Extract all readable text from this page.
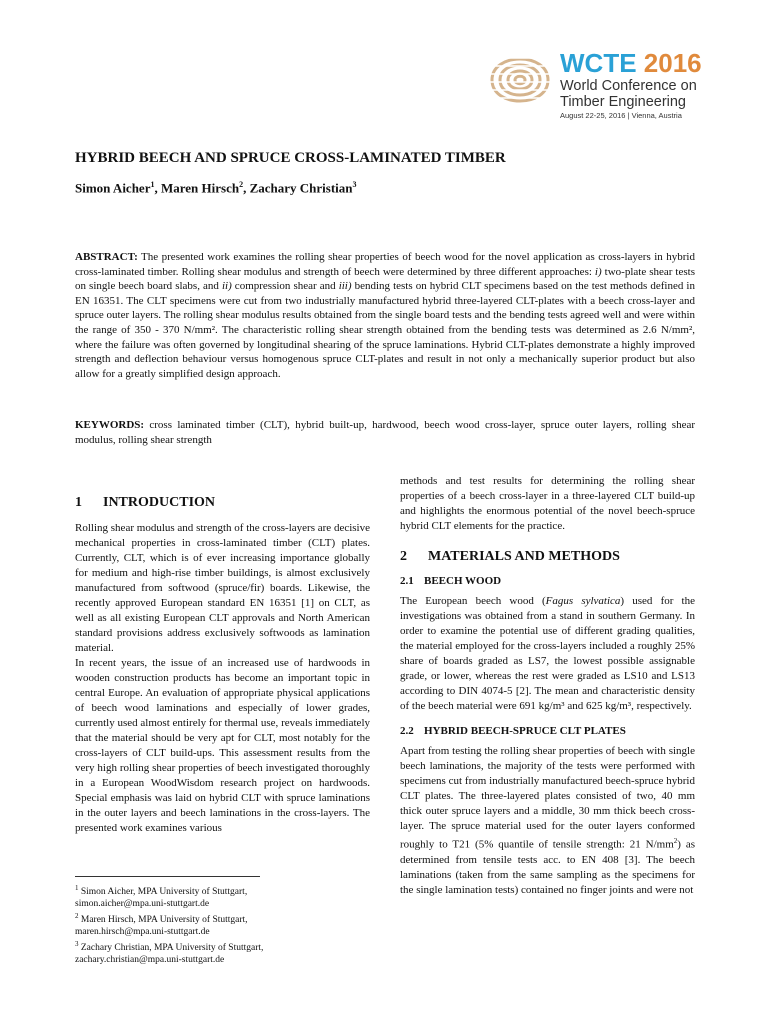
WCTE 2016
World Conference on
Timber Engineering
August 22-25, 2016 | Vienna, Austria
HYBRID BEECH AND SPRUCE CROSS-LAMINATED TIMBER
Simon Aicher$^1$, Maren Hirsch$^2$, Zachary Christian$^3$
ABSTRACT: The presented work examines the rolling shear properties of beech wood for the novel application as cross-layers in hybrid cross-laminated timber. Rolling shear modulus and strength of beech were determined by three different approaches: i) two-plate shear tests on single beech board slabs, and ii) compression shear and iii) bending tests on hybrid CLT specimens based on the test methods defined in EN 16351. The CLT specimens were cut from two industrially manufactured hybrid three-layered CLT-plates with a beech cross-layer and spruce outer layers. The rolling shear modulus results obtained from the single board tests and the bending tests agreed well and were within the range of 350 - 370 N/mm². The characteristic rolling shear strength obtained from the bending tests was determined as 2.6 N/mm², where the failure was often governed by longitudinal shearing of the spruce laminations. Hybrid CLT-plates demonstrate a highly improved strength and deflection behaviour versus homogenous spruce CLT-plates and result in not only a mechanically superior product but also allow for a greatly simplified design approach.
KEYWORDS: cross laminated timber (CLT), hybrid built-up, hardwood, beech wood cross-layer, spruce outer layers, rolling shear modulus, rolling shear strength
1 INTRODUCTION

Rolling shear modulus and strength of the cross-layers are decisive mechanical properties in cross-laminated timber (CLT) plates. Currently, CLT, which is of ever increasing importance globally for medium and high-rise timber buildings, is almost exclusively manufactured from softwood (spruce/fir) boards. Likewise, the recently approved European standard EN 16351 [1] on CLT, as well as all existing European CLT approvals and North American standard provisions address exclusively softwoods as lamination material.

In recent years, the issue of an increased use of hardwoods in wooden construction products has become an important topic in central Europe. An evaluation of appropriate physical applications of beech wood laminations and especially of lower grades, currently used almost entirely for thermal use, reveals immediately that the material should be very apt for CLT, most notably for the cross-layers of CLT build-ups. This assessment results from the very high rolling shear properties of beech investigated thoroughly in a European WoodWisdom research project on hardwoods. Special emphasis was laid on hybrid CLT with spruce laminations in the outer layers and beech laminations in the cross-layers. The presented work examines various

methods and test results for determining the rolling shear properties of a beech cross-layer in a three-layered CLT build-up and highlights the enormous potential of the novel beech-spruce hybrid CLT elements for the practice.

2 MATERIALS AND METHODS
2.1 BEECH WOOD

The European beech wood (Fagus sylvatica) used for the investigations was obtained from a stand in southern Germany. In order to examine the potential use of different grading qualities, the material employed for the cross-layers included a roughly 25% share of boards graded as LS7, the lowest possible assignable grade, or lower, whereas the rest were graded as LS10 and LS13 according to DIN 4074-5 [2]. The mean and characteristic density of the beech material were 691 kg/m³ and 625 kg/m³, respectively.

2.2 HYBRID BEECH-SPRUCE CLT PLATES

Apart from testing the rolling shear properties of beech with single beech laminations, the majority of the tests were performed with specimens cut from industrially manufactured beech-spruce hybrid CLT plates. The three-layered plates consisted of two, 40 mm thick outer spruce layers and a middle, 30 mm thick beech cross-layer. The spruce material used for the outer layers conformed roughly to T21 (5% quantile of tensile strength: 21 $N/mm^2$) as determined from tensile tests acc. to EN 408 [3]. The beech laminations (taken from the same sampling as the specimens for the single lamination tests) contained no finger joints and were not

$^1$ Simon Aicher, MPA University of Stuttgart,
simon.aicher@mpa.uni-stuttgart.de
$^2$ Maren Hirsch, MPA University of Stuttgart,
maren.hirsch@mpa.uni-stuttgart.de
$^3$ Zachary Christian, MPA University of Stuttgart,
zachary.christian@mpa.uni-stuttgart.de
